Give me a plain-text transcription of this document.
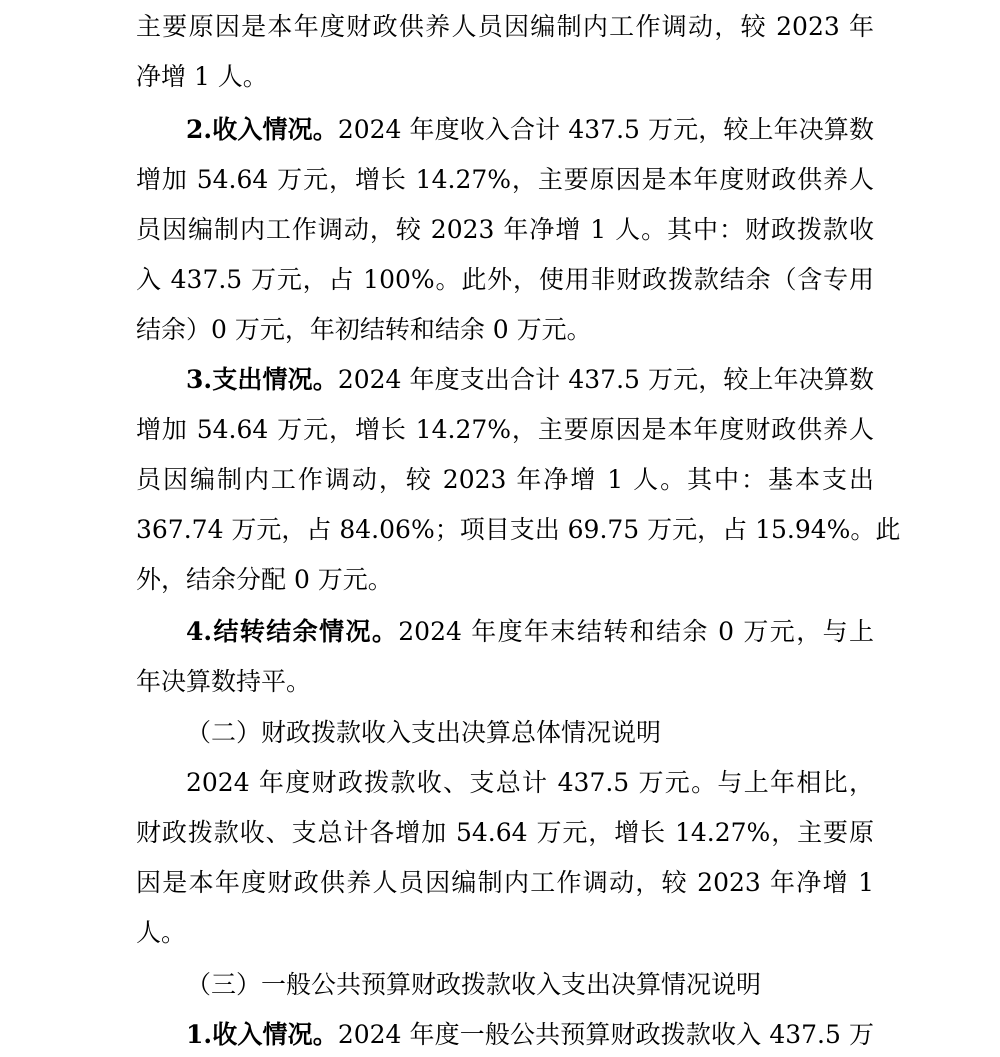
主要原因是本年度财政供养人员因编制内工作调动，较 2023 年
净增 1 人。
2.收入情况。2024 年度收入合计 437.5 万元，较上年决算数
增加 54.64 万元，增长 14.27%，主要原因是本年度财政供养人
员因编制内工作调动，较 2023 年净增 1 人。其中：财政拨款收
入 437.5 万元，占 100%。此外，使用非财政拨款结余（含专用
结余）0 万元，年初结转和结余 0 万元。
3.支出情况。2024 年度支出合计 437.5 万元，较上年决算数
增加 54.64 万元，增长 14.27%，主要原因是本年度财政供养人
员因编制内工作调动，较 2023 年净增 1 人。其中：基本支出
367.74 万元，占 84.06%；项目支出 69.75 万元，占 15.94%。此
外，结余分配 0 万元。
4.结转结余情况。2024 年度年末结转和结余 0 万元，与上
年决算数持平。
（二）财政拨款收入支出决算总体情况说明
2024 年度财政拨款收、支总计 437.5 万元。与上年相比，
财政拨款收、支总计各增加 54.64 万元，增长 14.27%，主要原
因是本年度财政供养人员因编制内工作调动，较 2023 年净增 1
人。
（三）一般公共预算财政拨款收入支出决算情况说明
1.收入情况。2024 年度一般公共预算财政拨款收入 437.5 万
